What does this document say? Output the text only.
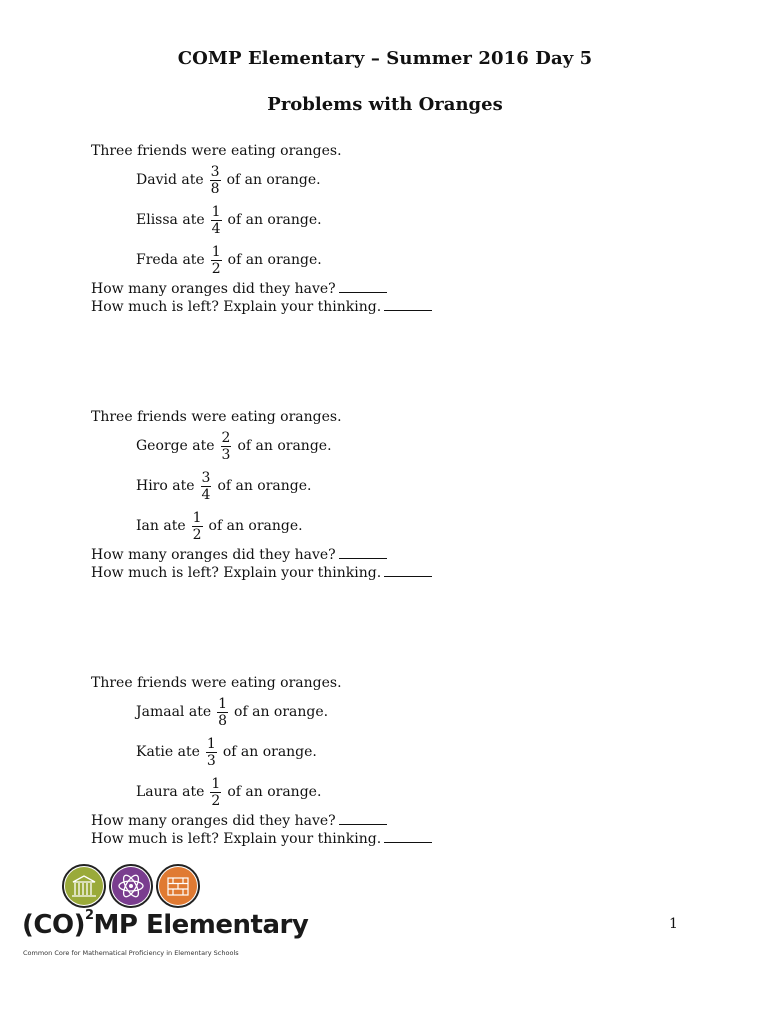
COMP Elementary – Summer 2016 Day 5
Problems with Oranges
Three friends were eating oranges.
David ate $\frac{3}{8}$ of an orange.
Elissa ate $\frac{1}{4}$ of an orange.
Freda ate $\frac{1}{2}$ of an orange.
How many oranges did they have?
How much is left? Explain your thinking.
Three friends were eating oranges.
George ate $\frac{2}{3}$ of an orange.
Hiro ate $\frac{3}{4}$ of an orange.
Ian ate $\frac{1}{2}$ of an orange.
How many oranges did they have?
How much is left? Explain your thinking.
Three friends were eating oranges.
Jamaal ate $\frac{1}{8}$ of an orange.
Katie ate $\frac{1}{3}$ of an orange.
Laura ate $\frac{1}{2}$ of an orange.
How many oranges did they have?
How much is left? Explain your thinking.
(CO)$^2$MP Elementary
Common Core for Mathematical Proficiency in Elementary Schools
1
